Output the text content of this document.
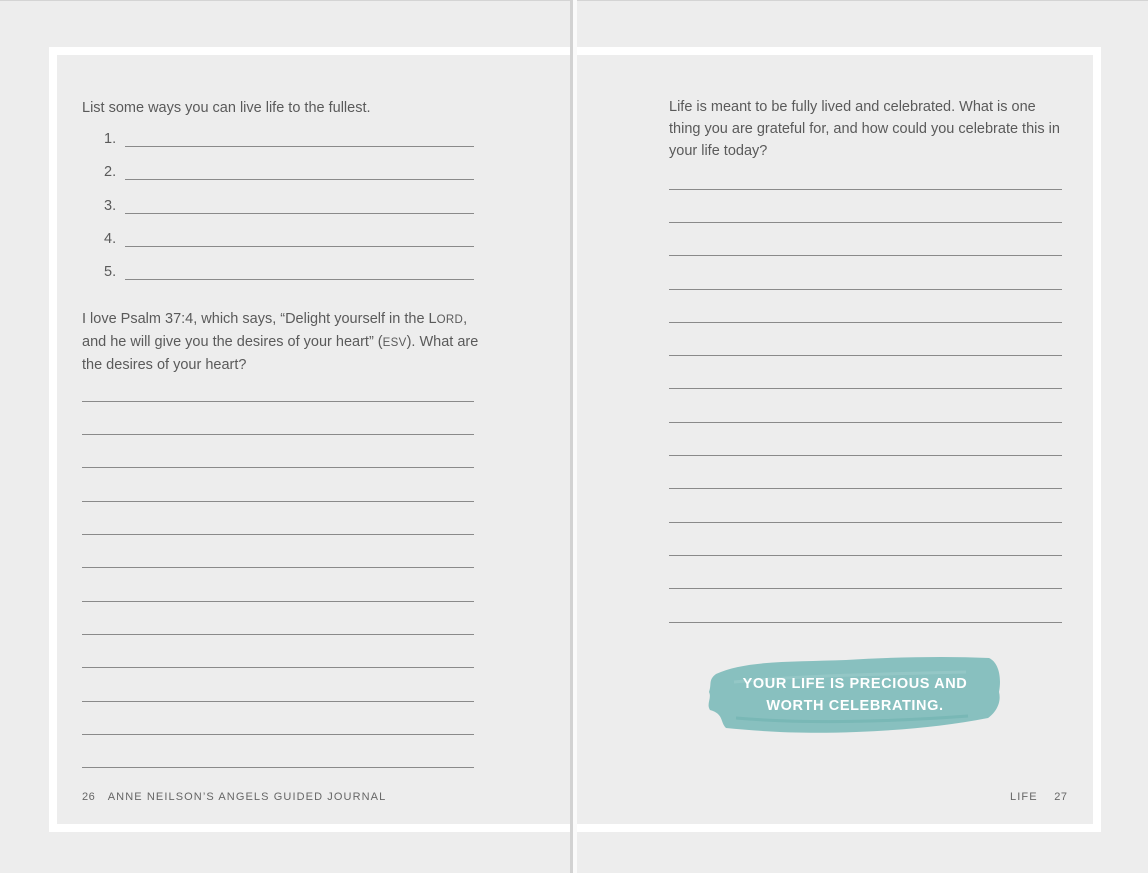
List some ways you can live life to the fullest.

1.
2.
3.
4.
5.

I love Psalm 37:4, which says, “Delight yourself in the LORD, and he will give you the desires of your heart” (ESV). What are the desires of your heart?

26 ANNE NEILSON’S ANGELS GUIDED JOURNAL

Life is meant to be fully lived and celebrated. What is one thing you are grateful for, and how could you celebrate this in your life today?

YOUR LIFE IS PRECIOUS AND
WORTH CELEBRATING.
LIFE 27
